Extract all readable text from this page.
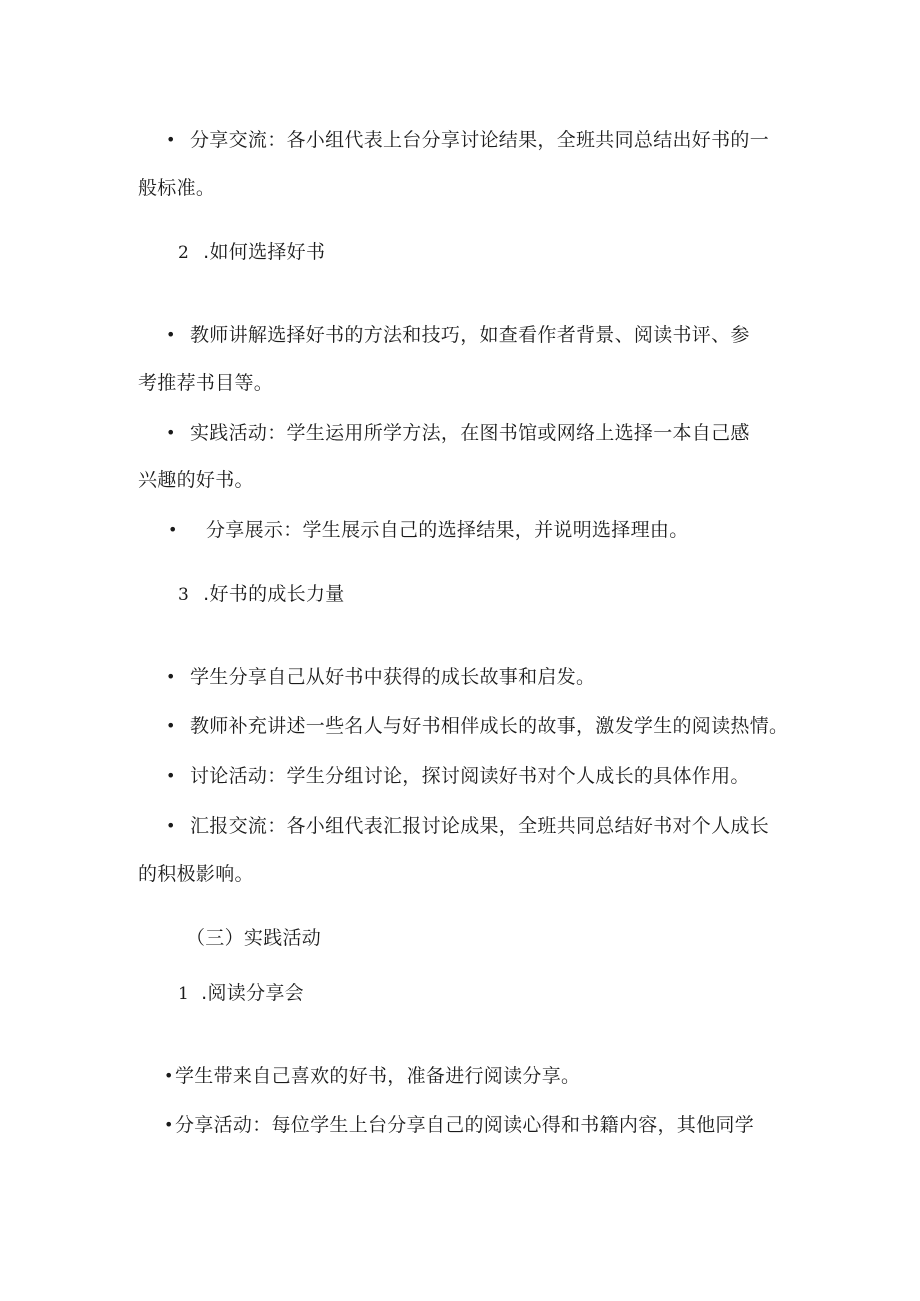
• 分享交流：各小组代表上台分享讨论结果，全班共同总结出好书的一
般标准。
2 .如何选择好书
• 教师讲解选择好书的方法和技巧，如查看作者背景、阅读书评、参
考推荐书目等。
• 实践活动：学生运用所学方法，在图书馆或网络上选择一本自己感
兴趣的好书。
• 分享展示：学生展示自己的选择结果，并说明选择理由。
3 .好书的成长力量
• 学生分享自己从好书中获得的成长故事和启发。
• 教师补充讲述一些名人与好书相伴成长的故事，激发学生的阅读热情。
• 讨论活动：学生分组讨论，探讨阅读好书对个人成长的具体作用。
• 汇报交流：各小组代表汇报讨论成果，全班共同总结好书对个人成长
的积极影响。
（三）实践活动
1 .阅读分享会
• 学生带来自己喜欢的好书，准备进行阅读分享。
• 分享活动：每位学生上台分享自己的阅读心得和书籍内容，其他同学
